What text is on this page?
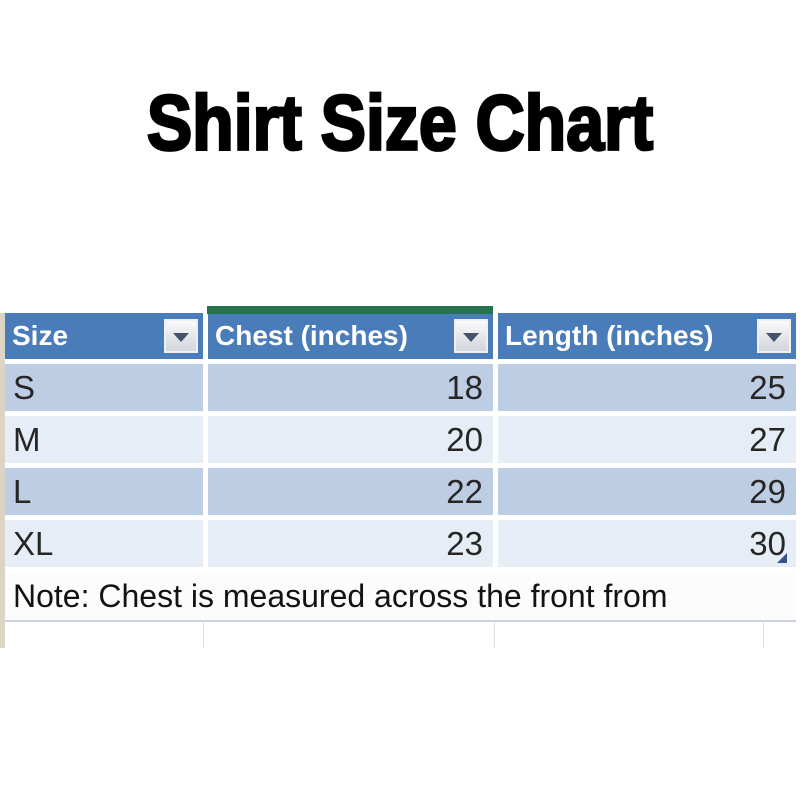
Shirt Size Chart
Size	Chest (inches)	Length (inches)
S	18	25
M	20	27
L	22	29
XL	23	30
Note: Chest is measured across the front from
